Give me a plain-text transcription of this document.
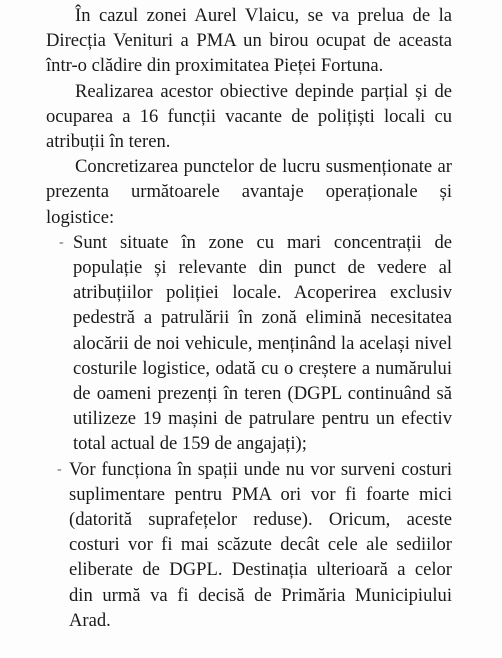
În cazul zonei Aurel Vlaicu, se va prelua de la Direcția Venituri a PMA un birou ocupat de aceasta într-o clădire din proximitatea Pieței Fortuna.

Realizarea acestor obiective depinde parțial și de ocuparea a 16 funcții vacante de polițiști locali cu atribuții în teren.

Concretizarea punctelor de lucru susmenționate ar prezenta următoarele avantaje operaționale și logistice:

- Sunt situate în zone cu mari concentrații de populație și relevante din punct de vedere al atribuțiilor poliției locale. Acoperirea exclusiv pedestră a patrulării în zonă elimină necesitatea alocării de noi vehicule, menținând la același nivel costurile logistice, odată cu o creștere a numărului de oameni prezenți în teren (DGPL continuând să utilizeze 19 mașini de patrulare pentru un efectiv total actual de 159 de angajați);
- Vor funcționa în spații unde nu vor surveni costuri suplimentare pentru PMA ori vor fi foarte mici (datorită suprafețelor reduse). Oricum, aceste costuri vor fi mai scăzute decât cele ale sediilor eliberate de DGPL. Destinația ulterioară a celor din urmă va fi decisă de Primăria Municipiului Arad.
